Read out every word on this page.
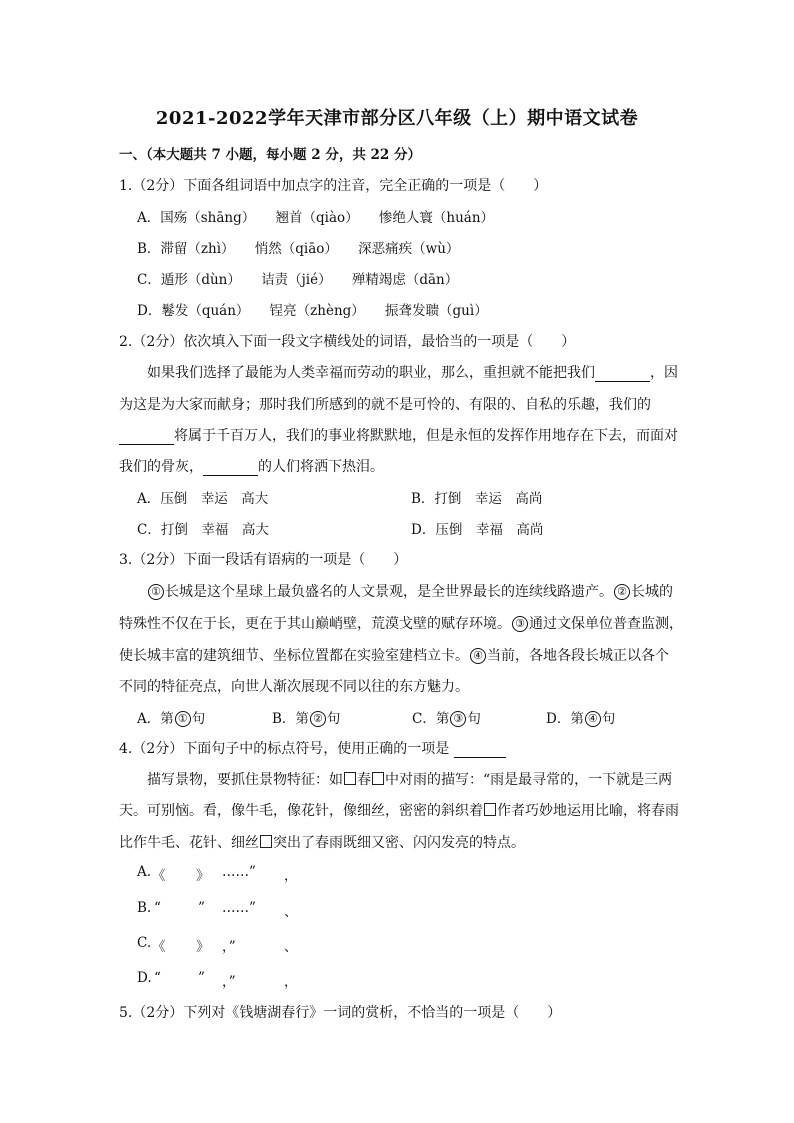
2021-2022学年天津市部分区八年级（上）期中语文试卷
一、（本大题共 7 小题，每小题 2 分，共 22 分）
1.（2分）下面各组词语中加点字的注音，完全正确的一项是（　　）
A．国殇（shāng）　　翘首（qiào）　　惨绝人寰（huán）
B．滞留（zhì）　　悄然（qiāo）　　深恶痛疾（wù）
C．遁形（dùn）　　诘责（jié）　　殚精竭虑（dān）
D．鬈发（quán）　　锃亮（zhèng）　　振聋发聩（guì）
2.（2分）依次填入下面一段文字横线处的词语，最恰当的一项是（　　）
如果我们选择了最能为人类幸福而劳动的职业，那么，重担就不能把我们	，因
为这是为大家而献身；那时我们所感到的就不是可怜的、有限的、自私的乐趣，我们的
将属于千百万人，我们的事业将默默地，但是永恒的发挥作用地存在下去，而面对
我们的骨灰，	的人们将洒下热泪。
A．压倒　幸运　高大	B．打倒　幸运　高尚
C．打倒　幸福　高大	D．压倒　幸福　高尚
3.（2分）下面一段话有语病的一项是（　　）
① 长城是这个星球上最负盛名的人文景观，是全世界最长的连续线路遗产。 ② 长城的
特殊性不仅在于长，更在于其山巅峭壁，荒漠戈壁的赋存环境。 ③ 通过文保单位普查监测，
使长城丰富的建筑细节、坐标位置都在实验室建档立卡。 ④ 当前，各地各段长城正以各个
不同的特征亮点，向世人渐次展现不同以往的东方魅力。
A．第 ① 句	B．第 ② 句	C．第 ③ 句	D．第 ④ 句
4.（2分）下面句子中的标点符号，使用正确的一项是
描写景物，要抓住景物特征：如 春 中对雨的描写：“雨是最寻常的，一下就是三两
天。可别恼。看，像牛毛，像花针，像细丝，密密的斜织着 作者巧妙地运用比喻，将春雨
比作牛毛、花针、细丝 突出了春雨既细又密、闪闪发亮的特点。
A. 《 》 ……” ，
B. “	” ……” 、
C. 《 》 ，”	、
D. “	” ，”	，
5.（2分）下列对《钱塘湖春行》一词的赏析，不恰当的一项是（　　）
